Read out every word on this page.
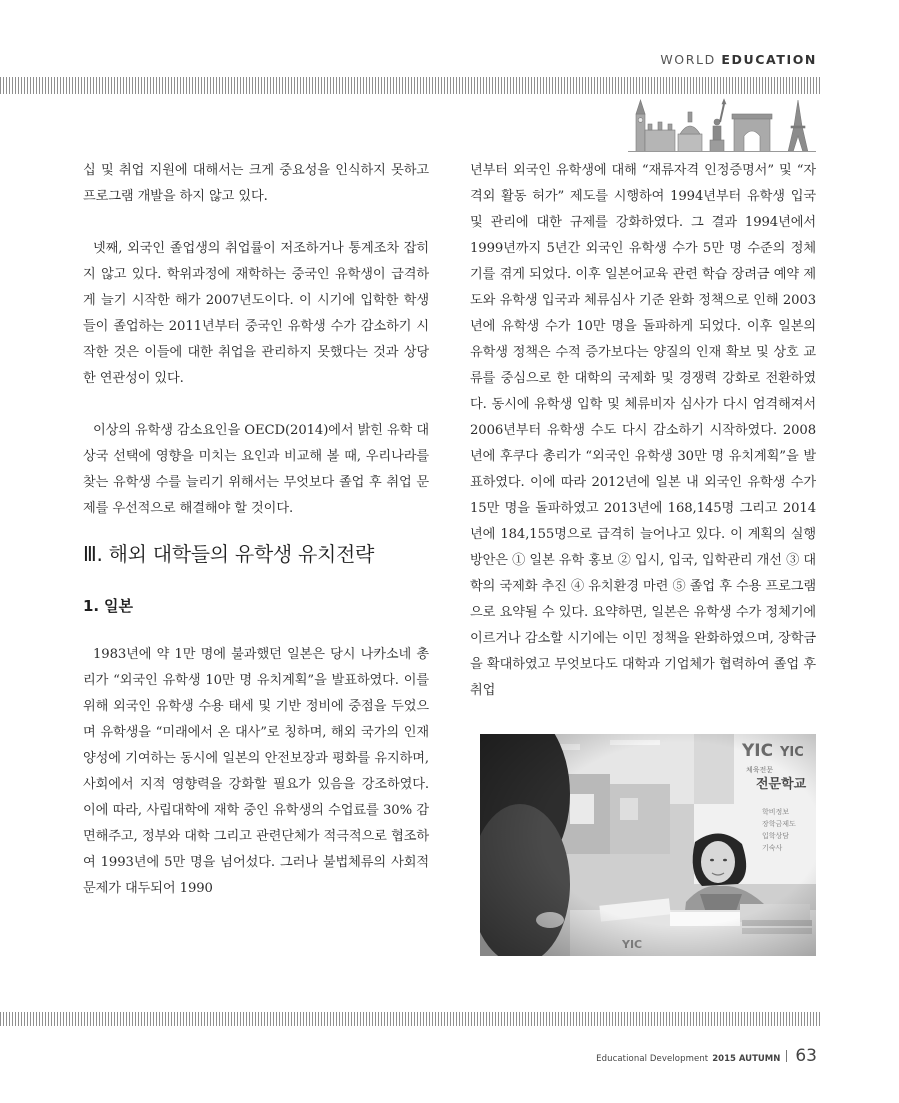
WORLD EDUCATION

십 및 취업 지원에 대해서는 크게 중요성을 인식하지 못하고 프로그램 개발을 하지 않고 있다.

넷째, 외국인 졸업생의 취업률이 저조하거나 통계조차 잡히지 않고 있다. 학위과정에 재학하는 중국인 유학생이 급격하게 늘기 시작한 해가 2007년도이다. 이 시기에 입학한 학생들이 졸업하는 2011년부터 중국인 유학생 수가 감소하기 시작한 것은 이들에 대한 취업을 관리하지 못했다는 것과 상당한 연관성이 있다.

이상의 유학생 감소요인을 OECD(2014)에서 밝힌 유학 대상국 선택에 영향을 미치는 요인과 비교해 볼 때, 우리나라를 찾는 유학생 수를 늘리기 위해서는 무엇보다 졸업 후 취업 문제를 우선적으로 해결해야 할 것이다.

Ⅲ. 해외 대학들의 유학생 유치전략
1. 일본

1983년에 약 1만 명에 불과했던 일본은 당시 나카소네 총리가 “외국인 유학생 10만 명 유치계획”을 발표하였다. 이를 위해 외국인 유학생 수용 태세 및 기반 정비에 중점을 두었으며 유학생을 “미래에서 온 대사”로 칭하며, 해외 국가의 인재양성에 기여하는 동시에 일본의 안전보장과 평화를 유지하며, 사회에서 지적 영향력을 강화할 필요가 있음을 강조하였다. 이에 따라, 사립대학에 재학 중인 유학생의 수업료를 30% 감면해주고, 정부와 대학 그리고 관련단체가 적극적으로 협조하여 1993년에 5만 명을 넘어섰다. 그러나 불법체류의 사회적 문제가 대두되어 1990

년부터 외국인 유학생에 대해 “재류자격 인정증명서” 및 “자격외 활동 허가” 제도를 시행하여 1994년부터 유학생 입국 및 관리에 대한 규제를 강화하였다. 그 결과 1994년에서 1999년까지 5년간 외국인 유학생 수가 5만 명 수준의 정체기를 겪게 되었다. 이후 일본어교육 관련 학습 장려금 예약 제도와 유학생 입국과 체류심사 기준 완화 정책으로 인해 2003년에 유학생 수가 10만 명을 돌파하게 되었다. 이후 일본의 유학생 정책은 수적 증가보다는 양질의 인재 확보 및 상호 교류를 중심으로 한 대학의 국제화 및 경쟁력 강화로 전환하였다. 동시에 유학생 입학 및 체류비자 심사가 다시 엄격해져서 2006년부터 유학생 수도 다시 감소하기 시작하였다. 2008년에 후쿠다 총리가 “외국인 유학생 30만 명 유치계획”을 발표하였다. 이에 따라 2012년에 일본 내 외국인 유학생 수가 15만 명을 돌파하였고 2013년에 168,145명 그리고 2014년에 184,155명으로 급격히 늘어나고 있다. 이 계획의 실행 방안은 ① 일본 유학 홍보 ② 입시, 입국, 입학관리 개선 ③ 대학의 국제화 추진 ④ 유치환경 마련 ⑤ 졸업 후 수용 프로그램으로 요약될 수 있다. 요약하면, 일본은 유학생 수가 정체기에 이르거나 감소할 시기에는 이민 정책을 완화하였으며, 장학금을 확대하였고 무엇보다도 대학과 기업체가 협력하여 졸업 후 취업

Educational Development 2015 AUTUMN 63
